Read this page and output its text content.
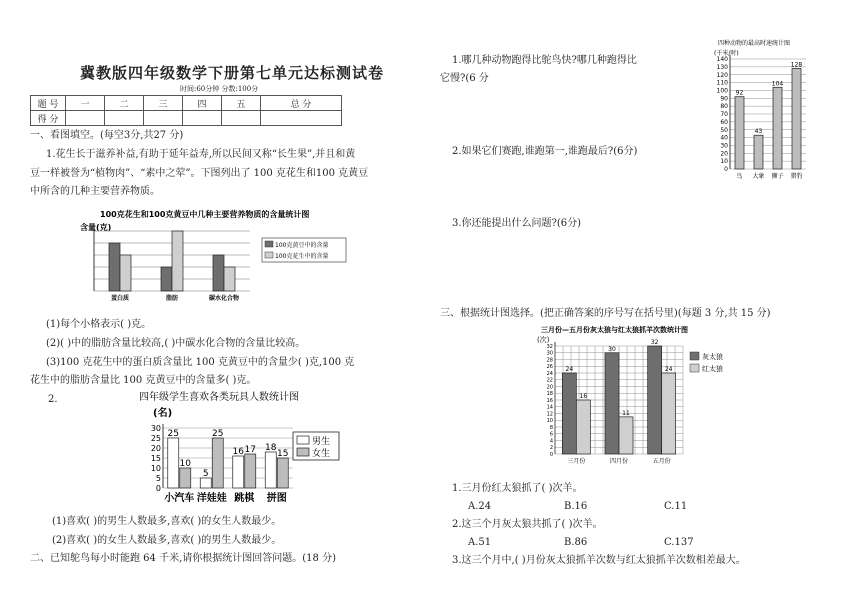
冀教版四年级数学下册第七单元达标测试卷
时间:60分钟 分数:100分
题 号	一	二	三	四	五	总 分
得 分						
一、看图填空。(每空3分,共27 分)
1.花生长于滋养补益,有助于延年益寿,所以民间又称“长生果”,并且和黄
豆一样被誉为“植物肉”、“素中之荤”。下图列出了 100 克花生和100 克黄豆
中所含的几种主要营养物质。
100克花生和100克黄豆中几种主要营养物质的含量统计图
含量(克)
蛋白质	脂肪	碳水化合物
100克黄豆中的含量
100克花生中的含量
(1)每个小格表示( )克。
(2)( )中的脂肪含量比较高,( )中碳水化合物的含量比较高。
(3)100 克花生中的蛋白质含量比 100 克黄豆中的含量少( )克,100 克
花生中的脂肪含量比 100 克黄豆中的含量多( )克。
2.	四年级学生喜欢各类玩具人数统计图
(名)
0
5
10
15
20
25
30
25
10
5
25
16 17 18
15
小汽车 洋娃娃 跳棋 拼图
男生
女生
(1)喜欢( )的男生人数最多,喜欢( )的女生人数最少。
(2)喜欢( )的女生人数最多,喜欢( )的男生人数最少。
二、已知鸵鸟每小时能跑 64 千米,请你根据统计图回答问题。(18 分)
1.哪几种动物跑得比鸵鸟快?哪几种跑得比
它慢?(6 分
四种动物的最高时速统计图
(千米/时)
0
10
20
30
40
50
60
70
80
90
100
110
120
130
140
92
43
104
128
鸟 大象 狮子 猎豹
2.如果它们赛跑,谁跑第一,谁跑最后?(6分)
3.你还能提出什么问题?(6分)
三、根据统计图选择。(把正确答案的序号写在括号里)(每题 3 分,共 15 分)
三月份—五月份灰太狼与红太狼抓羊次数统计图
(次)
0
2
4
6
8
10
12
14
16
18
20
22
24
26
28
30
32
24
16
30
11
32
24
三月份	四月份	五月份
灰太狼
红太狼
1.三月份红太狼抓了( )次羊。
A.24	B.16	C.11
2.这三个月灰太狼共抓了( )次羊。
A.51	B.86	C.137
3.这三个月中,( )月份灰太狼抓羊次数与红太狼抓羊次数相差最大。
